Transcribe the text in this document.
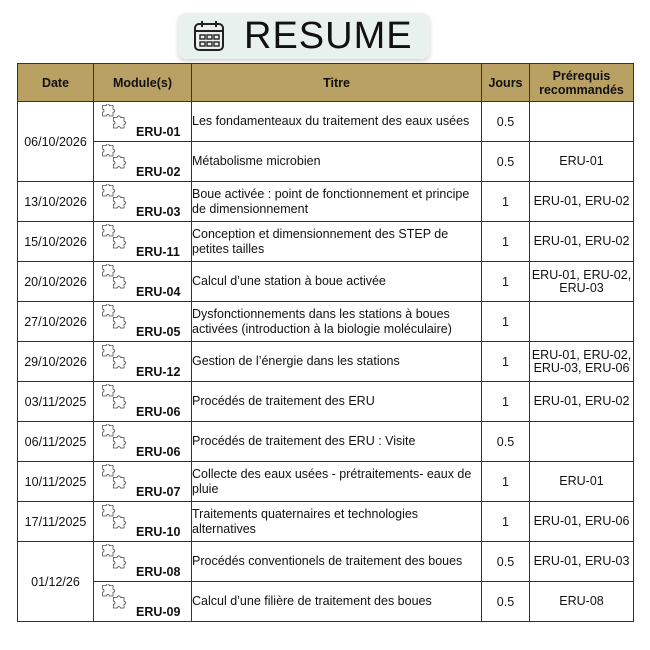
RESUME
Date	Module(s)	Titre	Jours	Prérequis recommandés
06/10/2026	ERU-01	Les fondamenteaux du traitement des eaux usées	0.5	

	ERU-02	Métabolisme microbien	0.5	ERU-01
13/10/2026	ERU-03	Boue activée : point de fonctionnement et principe de dimensionnement	1	ERU-01, ERU-02
15/10/2026	ERU-11	Conception et dimensionnement des STEP de petites tailles	1	ERU-01, ERU-02
20/10/2026	ERU-04	Calcul d’une station à boue activée	1	ERU-01, ERU-02, ERU-03
27/10/2026	ERU-05	Dysfonctionnements dans les stations à boues activées (introduction à la biologie moléculaire)	1	
29/10/2026	ERU-12	Gestion de l’énergie dans les stations	1	ERU-01, ERU-02, ERU-03, ERU-06
03/11/2025	ERU-06	Procédés de traitement des ERU	1	ERU-01, ERU-02
06/11/2025	ERU-06	Procédés de traitement des ERU : Visite	0.5	
10/11/2025	ERU-07	Collecte des eaux usées - prétraitements- eaux de pluie	1	ERU-01
17/11/2025	ERU-10	Traitements quaternaires et technologies alternatives	1	ERU-01, ERU-06
01/12/26	ERU-08	Procédés conventionels de traitement des boues	0.5	ERU-01, ERU-03

	ERU-09	Calcul d’une filière de traitement des boues	0.5	ERU-08
